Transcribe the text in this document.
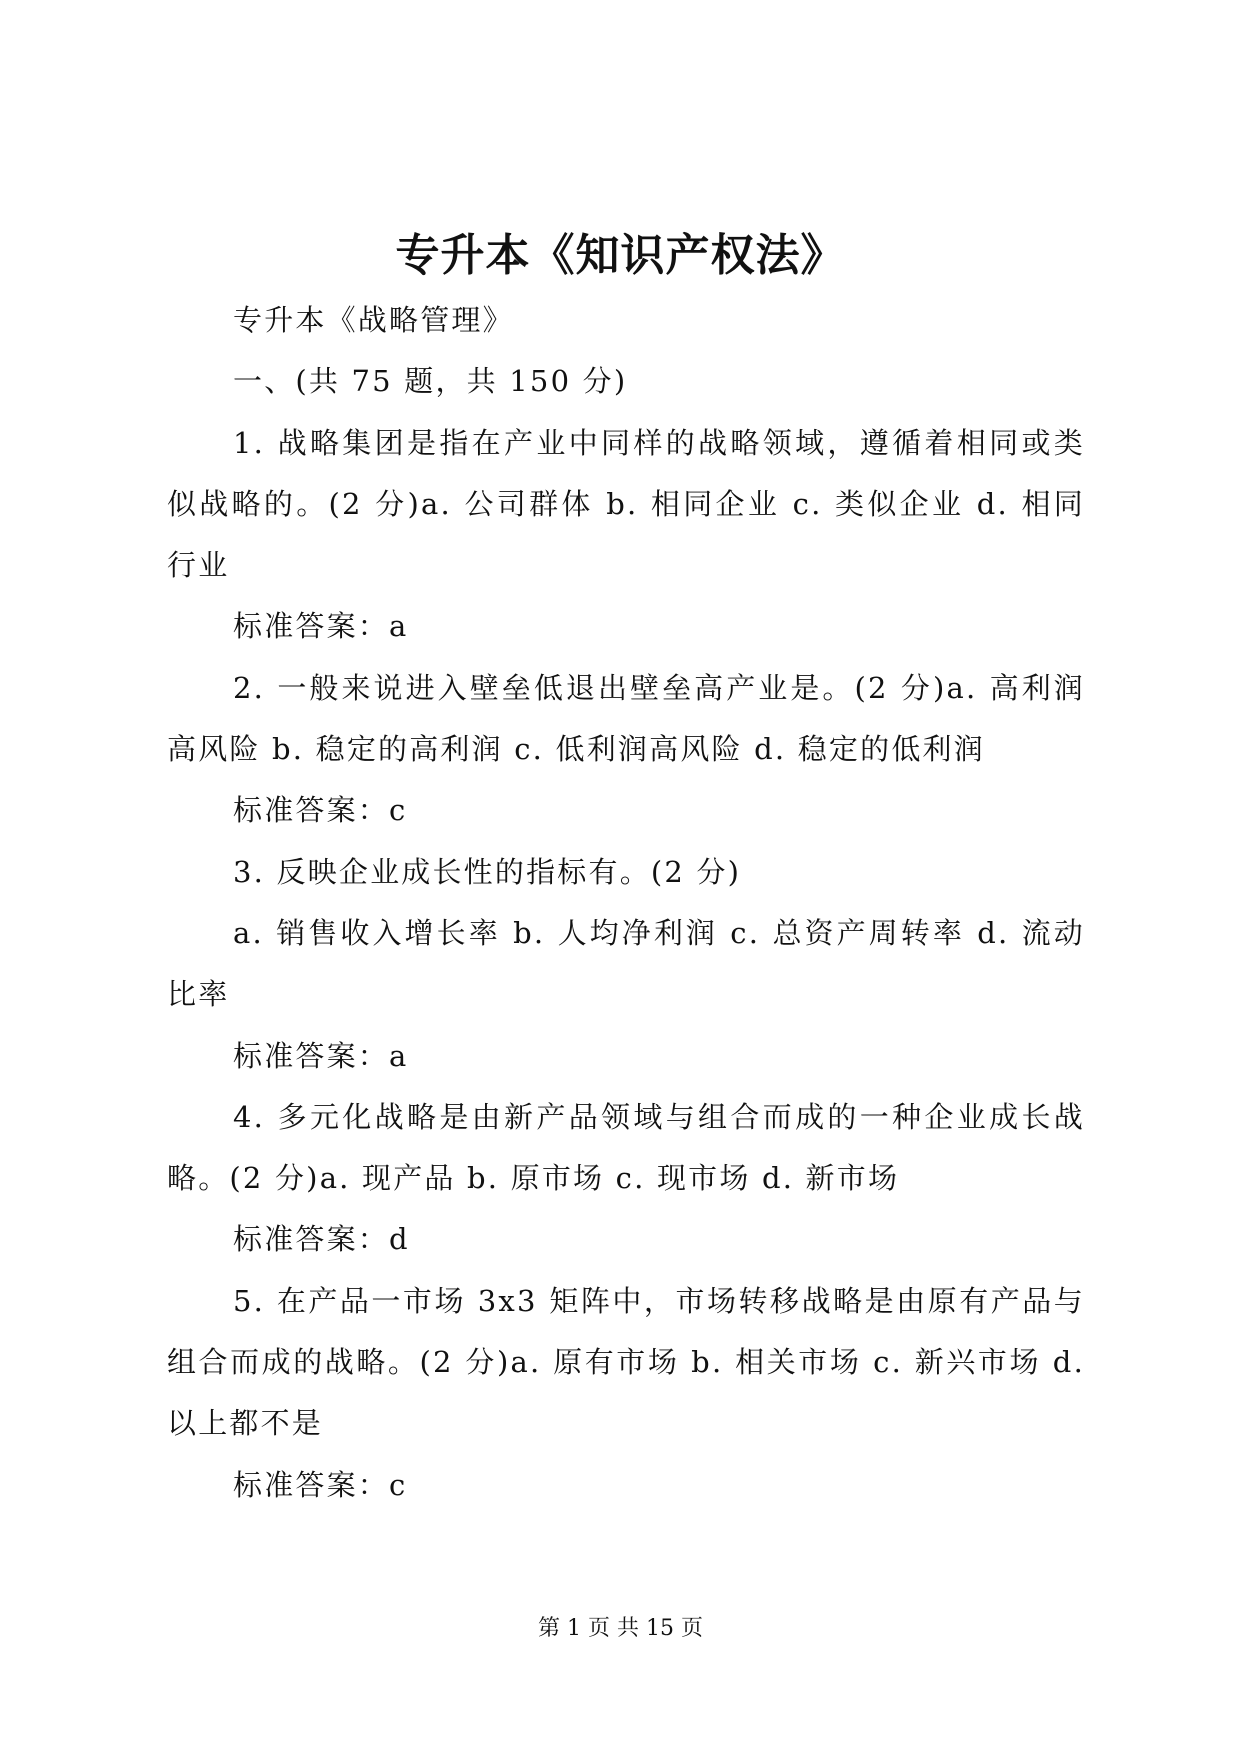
专升本《知识产权法》

专升本《战略管理》

一、(共 75 题，共 150 分)

1. 战略集团是指在产业中同样的战略领域，遵循着相同或类似战略的。(2 分)a. 公司群体 b. 相同企业 c. 类似企业 d. 相同行业

标准答案：a

2. 一般来说进入壁垒低退出壁垒高产业是。(2 分)a. 高利润高风险 b. 稳定的高利润 c. 低利润高风险 d. 稳定的低利润

标准答案：c

3. 反映企业成长性的指标有。(2 分)

a. 销售收入增长率 b. 人均净利润 c. 总资产周转率 d. 流动比率

标准答案：a

4. 多元化战略是由新产品领域与组合而成的一种企业成长战略。(2 分)a. 现产品 b. 原市场 c. 现市场 d. 新市场

标准答案：d

5. 在产品一市场 3x3 矩阵中，市场转移战略是由原有产品与组合而成的战略。(2 分)a. 原有市场 b. 相关市场 c. 新兴市场 d. 以上都不是

标准答案：c

第 1 页 共 15 页
